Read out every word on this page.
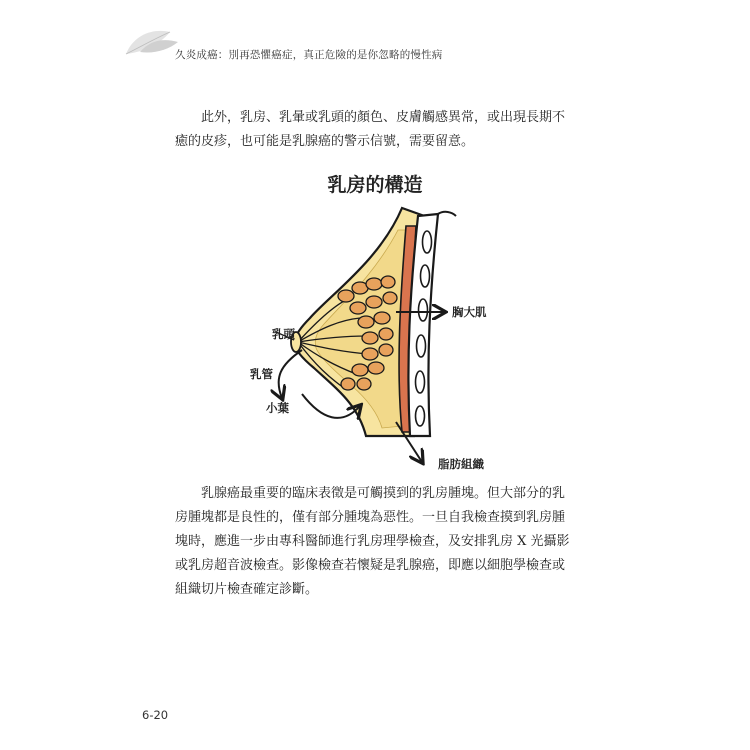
久炎成癌：別再恐懼癌症，真正危險的是你忽略的慢性病

此外，乳房、乳暈或乳頭的顏色、皮膚觸感異常，或出現長期不
癒的皮疹，也可能是乳腺癌的警示信號，需要留意。

乳房的構造
乳頭
乳管
小葉
胸大肌
脂肪組織

乳腺癌最重要的臨床表徵是可觸摸到的乳房腫塊。但大部分的乳
房腫塊都是良性的，僅有部分腫塊為惡性。一旦自我檢查摸到乳房腫
塊時，應進一步由專科醫師進行乳房理學檢查，及安排乳房 X 光攝影
或乳房超音波檢查。影像檢查若懷疑是乳腺癌，即應以細胞學檢查或
組織切片檢查確定診斷。

6-20
